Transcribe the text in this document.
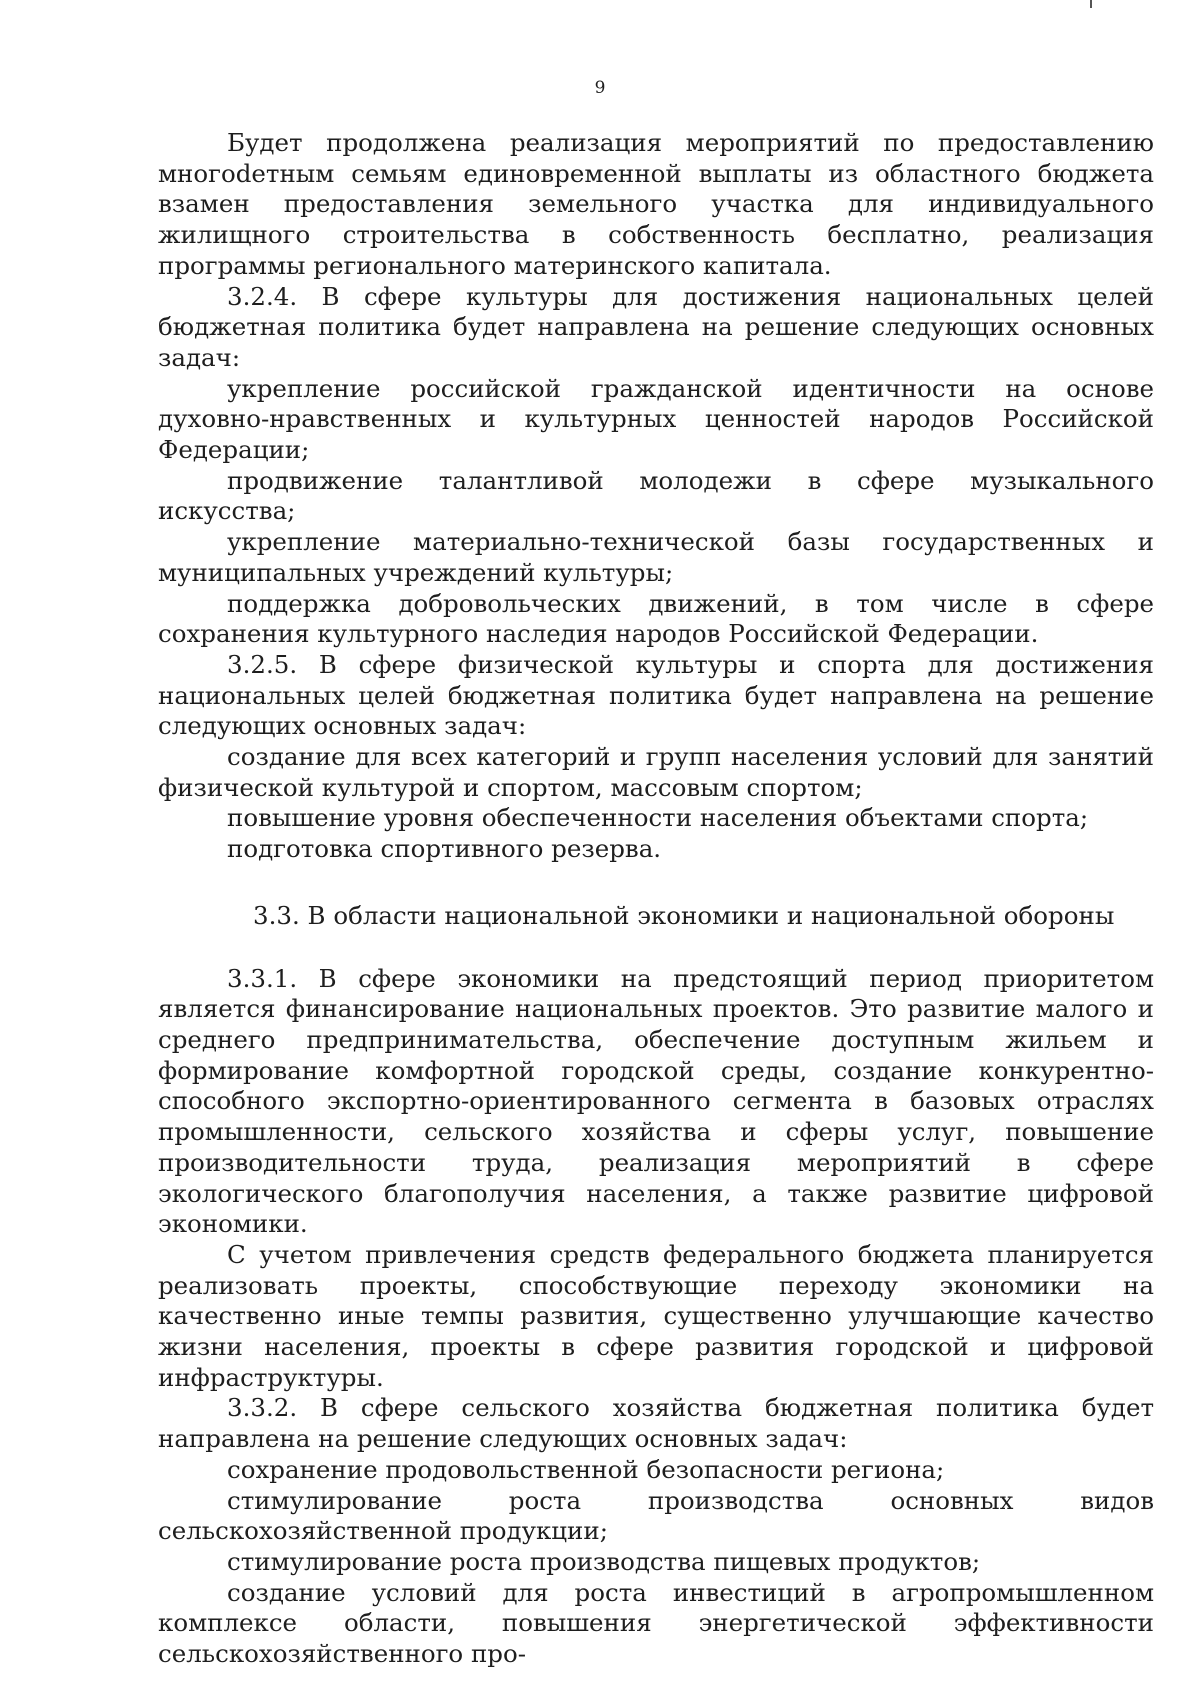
9

Будет продолжена реализация мероприятий по предоставлению многоdетным семьям единовременной выплаты из областного бюджета взамен предоставления земельного участка для индивидуального жилищного строительства в собственность бесплатно, реализация программы регионального материнского капитала.

3.2.4. В сфере культуры для достижения национальных целей бюджетная политика будет направлена на решение следующих основных задач:

укрепление российской гражданской идентичности на основе духовно-нравственных и культурных ценностей народов Российской Федерации;

продвижение талантливой молодежи в сфере музыкального искусства;

укрепление материально-технической базы государственных и муниципальных учреждений культуры;

поддержка добровольческих движений, в том числе в сфере сохранения культурного наследия народов Российской Федерации.

3.2.5. В сфере физической культуры и спорта для достижения национальных целей бюджетная политика будет направлена на решение следующих основных задач:

создание для всех категорий и групп населения условий для занятий физической культурой и спортом, массовым спортом;

повышение уровня обеспеченности населения объектами спорта;

подготовка спортивного резерва.

3.3. В области национальной экономики и национальной обороны

3.3.1. В сфере экономики на предстоящий период приоритетом является финансирование национальных проектов. Это развитие малого и среднего предпринимательства, обеспечение доступным жильем и формирование комфортной городской среды, создание конкурентно-способного экспортно-ориентированного сегмента в базовых отраслях промышленности, сельского хозяйства и сферы услуг, повышение производительности труда, реализация мероприятий в сфере экологического благополучия населения, а также развитие цифровой экономики.

С учетом привлечения средств федерального бюджета планируется реализовать проекты, способствующие переходу экономики на качественно иные темпы развития, существенно улучшающие качество жизни населения, проекты в сфере развития городской и цифровой инфраструктуры.

3.3.2. В сфере сельского хозяйства бюджетная политика будет направлена на решение следующих основных задач:

сохранение продовольственной безопасности региона;

стимулирование роста производства основных видов сельскохозяйственной продукции;

стимулирование роста производства пищевых продуктов;

создание условий для роста инвестиций в агропромышленном комплексе области, повышения энергетической эффективности сельскохозяйственного про-
